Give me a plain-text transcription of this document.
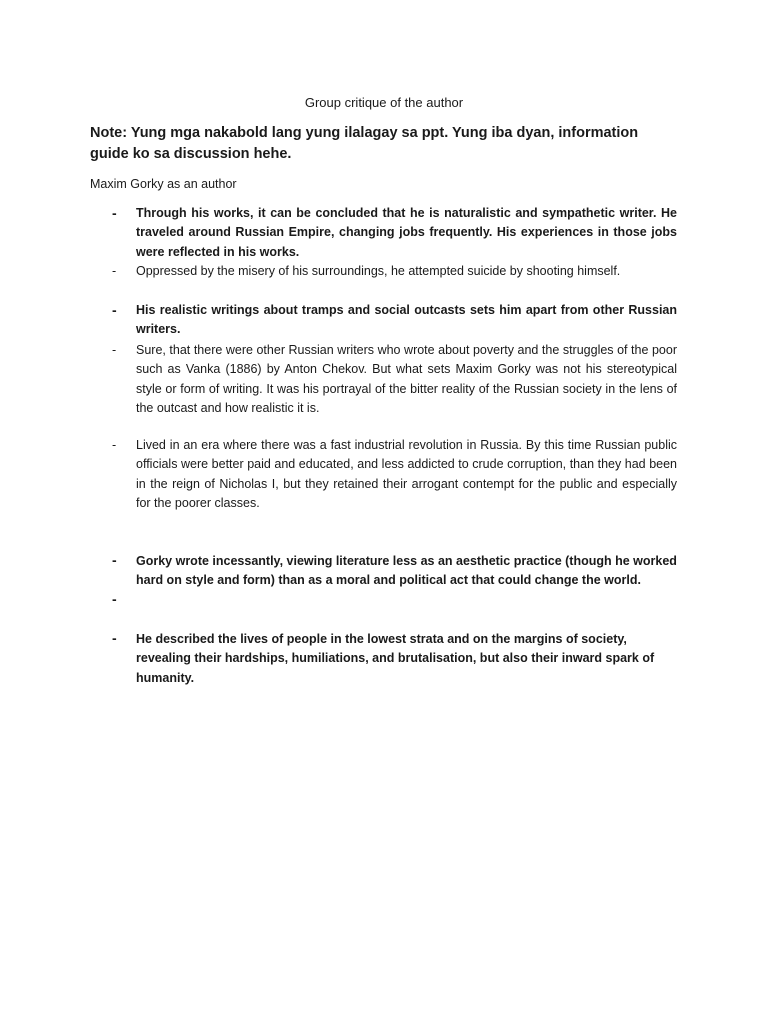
Group critique of the author
Note: Yung mga nakabold lang yung ilalagay sa ppt. Yung iba dyan, information guide ko sa discussion hehe.
Maxim Gorky as an author
- Through his works, it can be concluded that he is naturalistic and sympathetic writer. He traveled around Russian Empire, changing jobs frequently. His experiences in those jobs were reflected in his works.
- Oppressed by the misery of his surroundings, he attempted suicide by shooting himself.
- His realistic writings about tramps and social outcasts sets him apart from other Russian writers.
- Sure, that there were other Russian writers who wrote about poverty and the struggles of the poor such as Vanka (1886) by Anton Chekov. But what sets Maxim Gorky was not his stereotypical style or form of writing. It was his portrayal of the bitter reality of the Russian society in the lens of the outcast and how realistic it is.
- Lived in an era where there was a fast industrial revolution in Russia. By this time Russian public officials were better paid and educated, and less addicted to crude corruption, than they had been in the reign of Nicholas I, but they retained their arrogant contempt for the public and especially for the poorer classes.
- Gorky wrote incessantly, viewing literature less as an aesthetic practice (though he worked hard on style and form) than as a moral and political act that could change the world.
-
- He described the lives of people in the lowest strata and on the margins of society, revealing their hardships, humiliations, and brutalisation, but also their inward spark of humanity.
